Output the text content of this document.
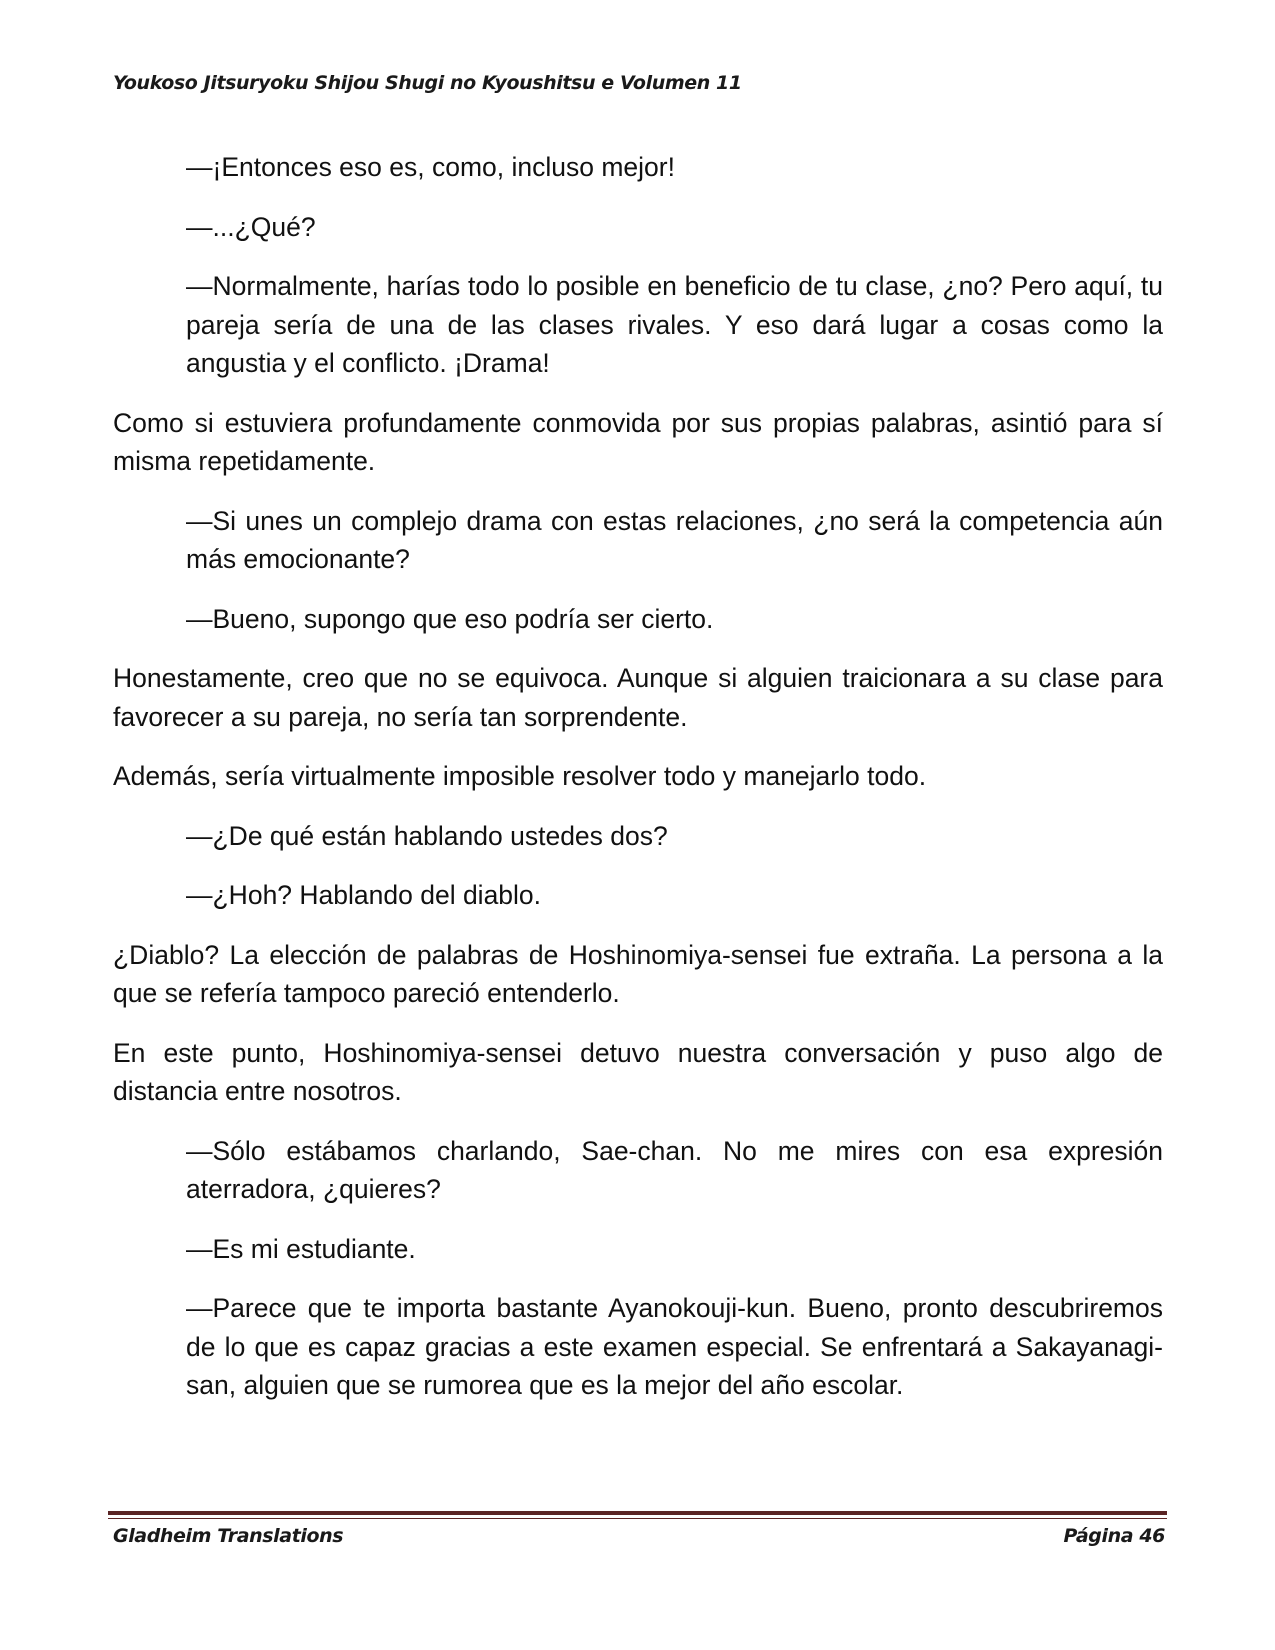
Youkoso Jitsuryoku Shijou Shugi no Kyoushitsu e Volumen 11

—¡Entonces eso es, como, incluso mejor!

—...¿Qué?

—Normalmente, harías todo lo posible en beneficio de tu clase, ¿no? Pero aquí, tu pareja sería de una de las clases rivales. Y eso dará lugar a cosas como la angustia y el conflicto. ¡Drama!

Como si estuviera profundamente conmovida por sus propias palabras, asintió para sí misma repetidamente.

—Si unes un complejo drama con estas relaciones, ¿no será la competencia aún más emocionante?

—Bueno, supongo que eso podría ser cierto.

Honestamente, creo que no se equivoca. Aunque si alguien traicionara a su clase para favorecer a su pareja, no sería tan sorprendente.

Además, sería virtualmente imposible resolver todo y manejarlo todo.

—¿De qué están hablando ustedes dos?

—¿Hoh? Hablando del diablo.

¿Diablo? La elección de palabras de Hoshinomiya-sensei fue extraña. La persona a la que se refería tampoco pareció entenderlo.

En este punto, Hoshinomiya-sensei detuvo nuestra conversación y puso algo de distancia entre nosotros.

—Sólo estábamos charlando, Sae-chan. No me mires con esa expresión aterradora, ¿quieres?

—Es mi estudiante.

—Parece que te importa bastante Ayanokouji-kun. Bueno, pronto descubriremos de lo que es capaz gracias a este examen especial. Se enfrentará a Sakayanagi-san, alguien que se rumorea que es la mejor del año escolar.

Gladheim Translations	Página 46
